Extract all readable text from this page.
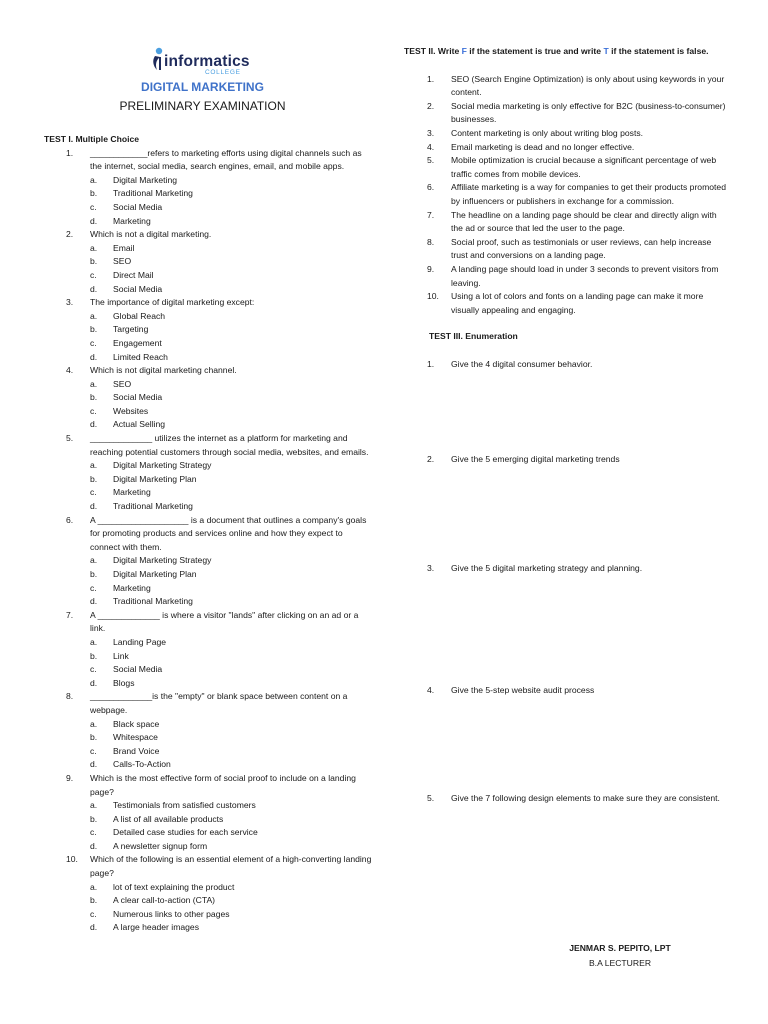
informatics
COLLEGE
DIGITAL MARKETING
PRELIMINARY EXAMINATION
TEST I. Multiple Choice
1. ____________refers to marketing efforts using digital channels such as the internet, social media, search engines, email, and mobile apps.
a. Digital Marketing
b. Traditional Marketing
c. Social Media
d. Marketing
2. Which is not a digital marketing.
a. Email
b. SEO
c. Direct Mail
d. Social Media
3. The importance of digital marketing except:
a. Global Reach
b. Targeting
c. Engagement
d. Limited Reach
4. Which is not digital marketing channel.
a. SEO
b. Social Media
c. Websites
d. Actual Selling
5. _____________ utilizes the internet as a platform for marketing and reaching potential customers through social media, websites, and emails.
a. Digital Marketing Strategy
b. Digital Marketing Plan
c. Marketing
d. Traditional Marketing
6. A ___________________ is a document that outlines a company's goals for promoting products and services online and how they expect to connect with them.
a. Digital Marketing Strategy
b. Digital Marketing Plan
c. Marketing
d. Traditional Marketing
7. A _____________ is where a visitor "lands" after clicking on an ad or a link.
a. Landing Page
b. Link
c. Social Media
d. Blogs
8. _____________is the "empty" or blank space between content on a webpage.
a. Black space
b. Whitespace
c. Brand Voice
d. Calls-To-Action
9. Which is the most effective form of social proof to include on a landing page?
a. Testimonials from satisfied customers
b. A list of all available products
c. Detailed case studies for each service
d. A newsletter signup form
10. Which of the following is an essential element of a high-converting landing page?
a. lot of text explaining the product
b. A clear call-to-action (CTA)
c. Numerous links to other pages
d. A large header images
TEST II. Write F if the statement is true and write T if the statement is false.
1. SEO (Search Engine Optimization) is only about using keywords in your content.
2. Social media marketing is only effective for B2C (business-to-consumer) businesses.
3. Content marketing is only about writing blog posts.
4. Email marketing is dead and no longer effective.
5. Mobile optimization is crucial because a significant percentage of web traffic comes from mobile devices.
6. Affiliate marketing is a way for companies to get their products promoted by influencers or publishers in exchange for a commission.
7. The headline on a landing page should be clear and directly align with the ad or source that led the user to the page.
8. Social proof, such as testimonials or user reviews, can help increase trust and conversions on a landing page.
9. A landing page should load in under 3 seconds to prevent visitors from leaving.
10. Using a lot of colors and fonts on a landing page can make it more visually appealing and engaging.
TEST III. Enumeration
1. Give the 4 digital consumer behavior.
2. Give the 5 emerging digital marketing trends
3. Give the 5 digital marketing strategy and planning.
4. Give the 5-step website audit process
5. Give the 7 following design elements to make sure they are consistent.
JENMAR S. PEPITO, LPT
B.A LECTURER
